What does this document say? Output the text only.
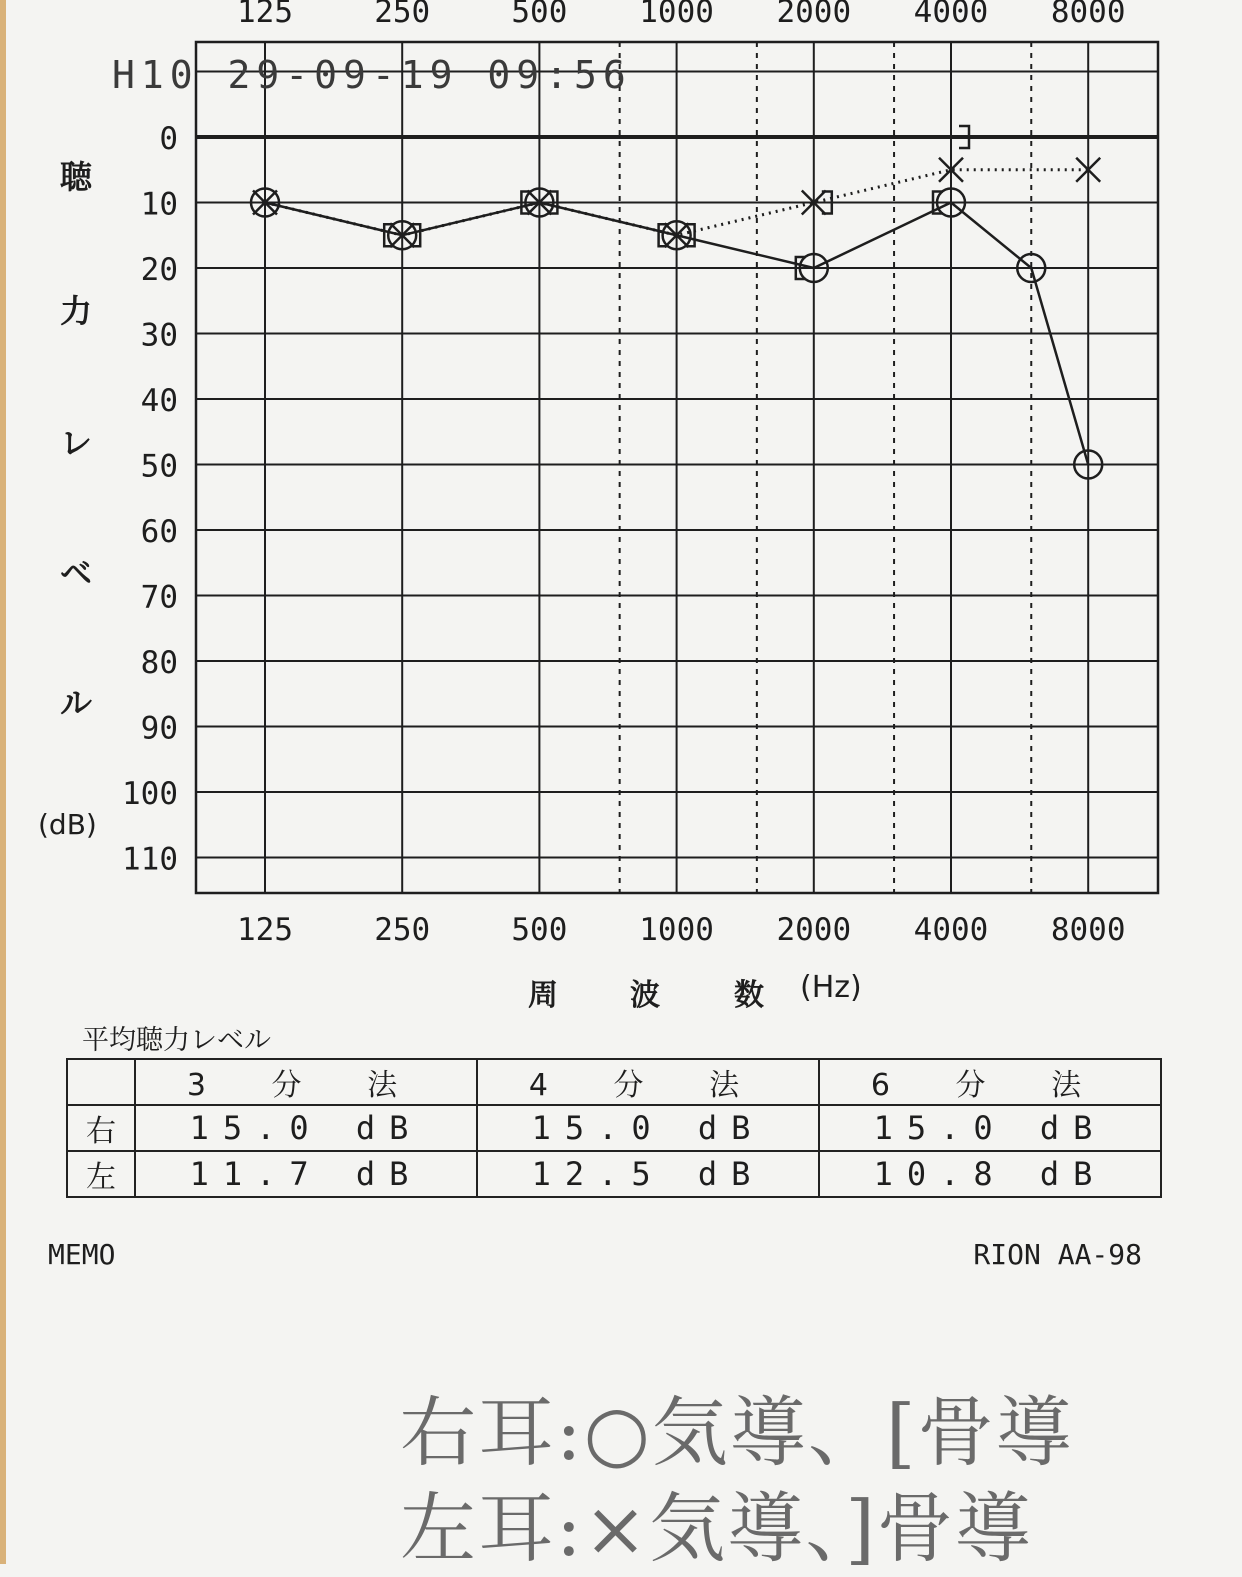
0
10
20
30
40
50
60
70
80
90
100
110
125	250	500 1000 2000 4000 8000
125	250	500 1000 2000 4000 8000
H10 29-09-19 09:56
聴
力
レ
ベ
ル
(dB)
周 波 数 (Hz)
平均聴力レベル
	3 分 法	4 分 法	6 分 法
右	15.0 dB	15.0 dB	15.0 dB
左	11.7 dB	12.5 dB	10.8 dB
MEMO	RION AA-98
右耳:○気導、[骨導
左耳:×気導、]骨導
